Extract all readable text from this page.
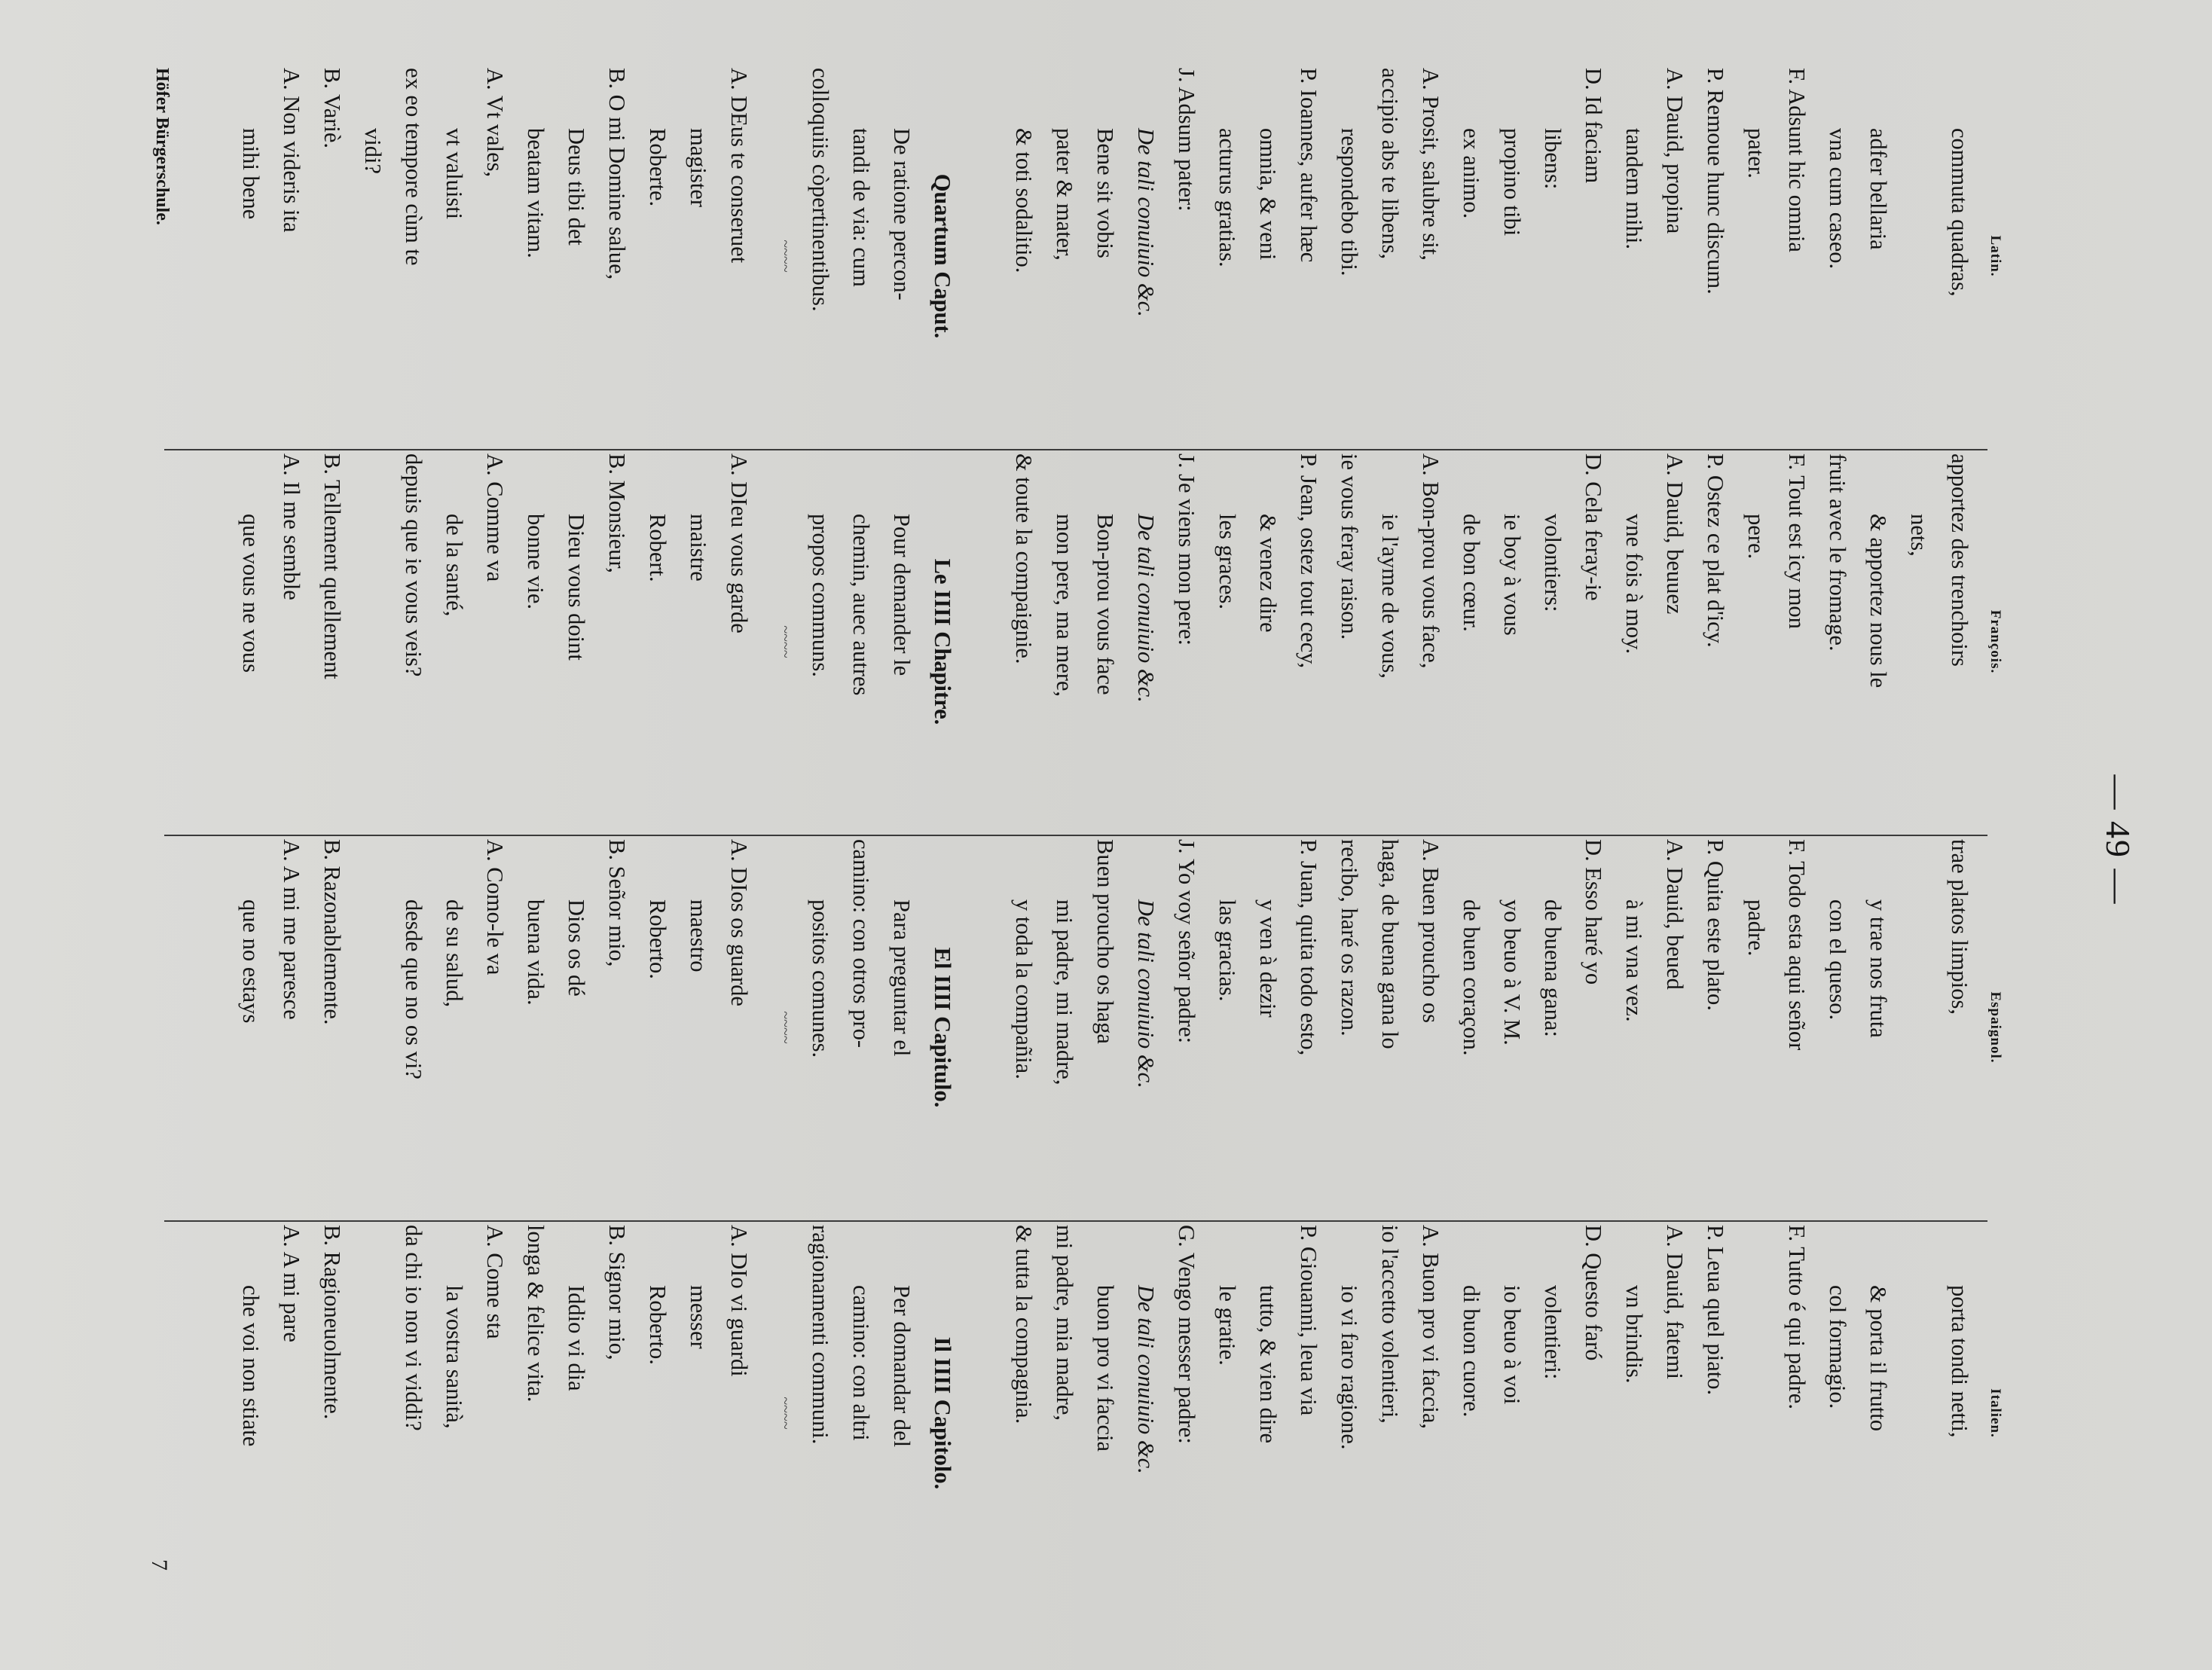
— 49 —
Latin.
commuta quadras,
adfer bellaria
vna cum caseo.
F. Adsunt hic omnia
pater.
P. Remoue hunc discum.
A. Dauid, propina
tandem mihi.
D. Id faciam
libens:
propino tibi
ex animo.
A. Prosit, salubre sit,
accipio abs te libens,
respondebo tibi.
P. Ioannes, aufer hæc
omnia, & veni
acturus gratias.
J. Adsum pater:
De tali conuiuio &c.
Bene sit vobis
pater & mater,
& toti sodalitio.
Quartum Caput.
De ratione percon-
tandi de via: cum
colloquiis còpertinentibus.
~~~~
A. DEus te conseruet
magister
Roberte.
B. O mi Domine salue,
Deus tibi det
beatam vitam.
A. Vt vales,
vt valuisti
ex eo tempore cùm te
vidi?
B. Variè.
A. Non videris ita
mihi bene
François.
apportez des trenchoirs
nets,
& apportez nous le
fruit avec le fromage.
F. Tout est icy mon
pere.
P. Ostez ce plat d'icy.
A. Dauid, beuuez
vne fois à moy.
D. Cela feray-ie
volontiers:
ie boy à vous
de bon cœur.
A. Bon-prou vous face,
ie l'ayme de vous,
ie vous feray raison.
P. Jean, ostez tout cecy,
& venez dire
les graces.
J. Je viens mon pere:
De tali conuiuio &c.
Bon-prou vous face
mon pere, ma mere,
& toute la compaignie.
Le IIII Chapitre.
Pour demander le
chemin, auec autres
propos communs.
~~~~
A. DIeu vous garde
maistre
Robert.
B. Monsieur,
Dieu vous doint
bonne vie.
A. Comme va
de la santé,
depuis que ie vous veis?
B. Tellement quellement
A. Il me semble
que vous ne vous
Espaignol.
trae platos limpios,
y trae nos fruta
con el queso.
F. Todo esta aqui señor
padre.
P. Quita este plato.
A. Dauid, beued
à mi vna vez.
D. Esso haré yo
de buena gana:
yo beuo à V. M.
de buen coraçon.
A. Buen proucho os
haga, de buena gana lo
recibo, haré os razon.
P. Juan, quita todo esto,
y ven à dezir
las gracias.
J. Yo voy señor padre:
De tali conuiuio &c.
Buen proucho os haga
mi padre, mi madre,
y toda la compañia.
El IIII Capitulo.
Para preguntar el
camino: con otros pro-
positos comunes.
~~~~
A. DIos os guarde
maestro
Roberto.
B. Señor mio,
Dios os dé
buena vida.
A. Como-le va
de su salud,
desde que no os vi?
B. Razonablemente.
A. A mi me paresce
que no estays
Italien.
porta tondi netti,
& porta il frutto
col formagio.
F. Tutto é qui padre.
P. Leua quel piato.
A. Dauid, fatemi
vn brindis.
D. Questo faró
volentieri:
io beuo à voi
di buon cuore.
A. Buon pro vi faccia,
io l'accetto volentieri,
io vi faro ragione.
P. Giouanni, leua via
tutto, & vien dire
le gratie.
G. Vengo messer padre:
De tali conuiuio &c.
buon pro vi faccia
mi padre, mia madre,
& tutta la compagnia.
Il IIII Capitolo.
Per domandar del
camino: con altri
ragionamenti communi.
~~~~
A. DIo vi guardi
messer
Roberto.
B. Signor mio,
Iddio vi dia
longa & felice vita.
A. Come sta
la vostra sanità,
da chi io non vi viddi?
B. Ragioneuolmente.
A. A mi pare
che voi non stiate
Höfer Bürgerschule.
7
